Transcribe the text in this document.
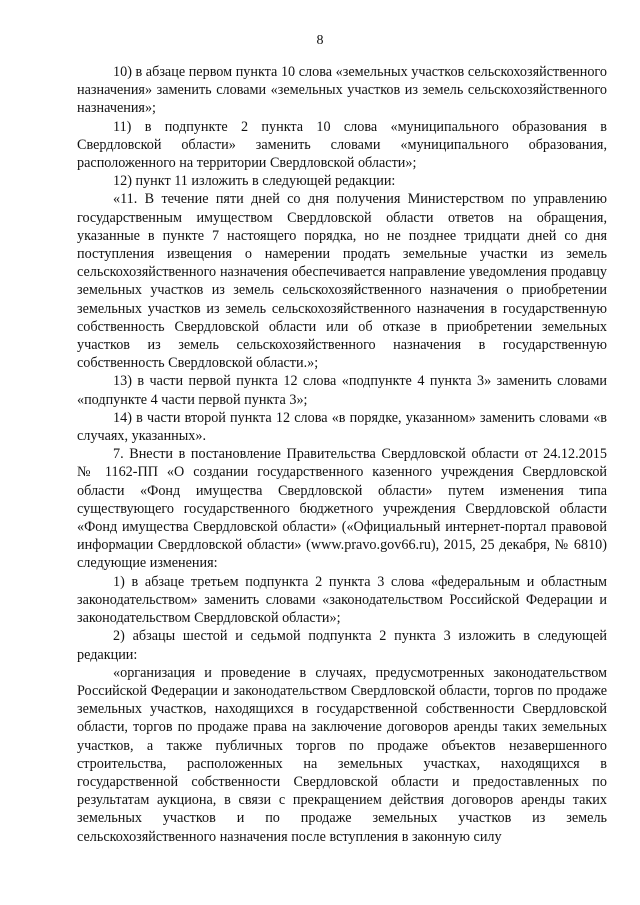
8

10) в абзаце первом пункта 10 слова «земельных участков сельскохозяйственного назначения» заменить словами «земельных участков из земель сельскохозяйственного назначения»;

11) в подпункте 2 пункта 10 слова «муниципального образования в Свердловской области» заменить словами «муниципального образования, расположенного на территории Свердловской области»;

12) пункт 11 изложить в следующей редакции:

«11. В течение пяти дней со дня получения Министерством по управлению государственным имуществом Свердловской области ответов на обращения, указанные в пункте 7 настоящего порядка, но не позднее тридцати дней со дня поступления извещения о намерении продать земельные участки из земель сельскохозяйственного назначения обеспечивается направление уведомления продавцу земельных участков из земель сельскохозяйственного назначения о приобретении земельных участков из земель сельскохозяйственного назначения в государственную собственность Свердловской области или об отказе в приобретении земельных участков из земель сельскохозяйственного назначения в государственную собственность Свердловской области.»;

13) в части первой пункта 12 слова «подпункте 4 пункта 3» заменить словами «подпункте 4 части первой пункта 3»;

14) в части второй пункта 12 слова «в порядке, указанном» заменить словами «в случаях, указанных».

7. Внести в постановление Правительства Свердловской области от 24.12.2015 № 1162-ПП «О создании государственного казенного учреждения Свердловской области «Фонд имущества Свердловской области» путем изменения типа существующего государственного бюджетного учреждения Свердловской области «Фонд имущества Свердловской области» («Официальный интернет-портал правовой информации Свердловской области» (www.pravo.gov66.ru), 2015, 25 декабря, № 6810) следующие изменения:

1) в абзаце третьем подпункта 2 пункта 3 слова «федеральным и областным законодательством» заменить словами «законодательством Российской Федерации и законодательством Свердловской области»;

2) абзацы шестой и седьмой подпункта 2 пункта 3 изложить в следующей редакции:

«организация и проведение в случаях, предусмотренных законодательством Российской Федерации и законодательством Свердловской области, торгов по продаже земельных участков, находящихся в государственной собственности Свердловской области, торгов по продаже права на заключение договоров аренды таких земельных участков, а также публичных торгов по продаже объектов незавершенного строительства, расположенных на земельных участках, находящихся в государственной собственности Свердловской области и предоставленных по результатам аукциона, в связи с прекращением действия договоров аренды таких земельных участков и по продаже земельных участков из земель сельскохозяйственного назначения после вступления в законную силу
